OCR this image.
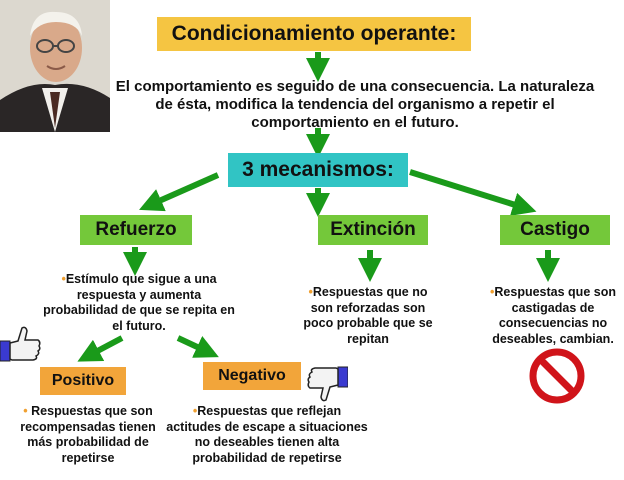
Condicionamiento operante:
El comportamiento es seguido de una consecuencia. La naturaleza de ésta, modifica la tendencia del organismo a repetir el comportamiento en el futuro.
3 mecanismos:
Refuerzo
•Estímulo que sigue a una respuesta y aumenta probabilidad de que se repita en el futuro.
Extinción
•Respuestas que no son reforzadas son poco probable que se repitan
Castigo
•Respuestas que son castigadas de consecuencias no deseables, cambian.
Positivo
• Respuestas que son recompensadas tienen más probabilidad de repetirse
Negativo
•Respuestas que reflejan actitudes de escape a situaciones no deseables tienen alta probabilidad de repetirse
